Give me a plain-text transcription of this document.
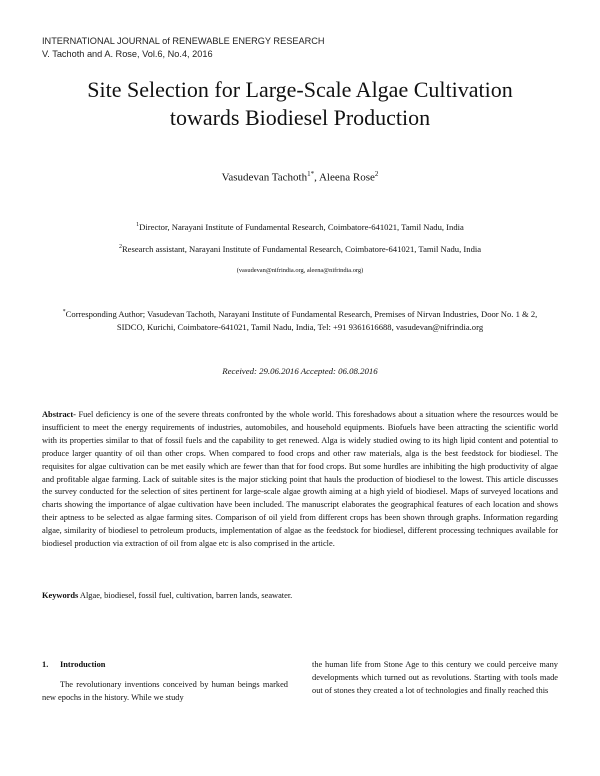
INTERNATIONAL JOURNAL of RENEWABLE ENERGY RESEARCH
V. Tachoth and A. Rose, Vol.6, No.4, 2016
Site Selection for Large-Scale Algae Cultivation
towards Biodiesel Production
Vasudevan Tachoth$^{1*}$, Aleena Rose$^2$
$^1$Director, Narayani Institute of Fundamental Research, Coimbatore-641021, Tamil Nadu, India
$^2$Research assistant, Narayani Institute of Fundamental Research, Coimbatore-641021, Tamil Nadu, India
(vasudevan@nifrindia.org, aleena@nifrindia.org)
*Corresponding Author; Vasudevan Tachoth, Narayani Institute of Fundamental Research, Premises of Nirvan Industries, Door No. 1 & 2, SIDCO, Kurichi, Coimbatore-641021, Tamil Nadu, India, Tel: +91 9361616688, vasudevan@nifrindia.org
Received: 29.06.2016 Accepted: 06.08.2016
Abstract- Fuel deficiency is one of the severe threats confronted by the whole world. This foreshadows about a situation where the resources would be insufficient to meet the energy requirements of industries, automobiles, and household equipments. Biofuels have been attracting the scientific world with its properties similar to that of fossil fuels and the capability to get renewed. Alga is widely studied owing to its high lipid content and potential to produce larger quantity of oil than other crops. When compared to food crops and other raw materials, alga is the best feedstock for biodiesel. The requisites for algae cultivation can be met easily which are fewer than that for food crops. But some hurdles are inhibiting the high productivity of algae and profitable algae farming. Lack of suitable sites is the major sticking point that hauls the production of biodiesel to the lowest. This article discusses the survey conducted for the selection of sites pertinent for large-scale algae growth aiming at a high yield of biodiesel. Maps of surveyed locations and charts showing the importance of algae cultivation have been included. The manuscript elaborates the geographical features of each location and shows their aptness to be selected as algae farming sites. Comparison of oil yield from different crops has been shown through graphs. Information regarding algae, similarity of biodiesel to petroleum products, implementation of algae as the feedstock for biodiesel, different processing techniques available for biodiesel production via extraction of oil from algae etc is also comprised in the article.
Keywords Algae, biodiesel, fossil fuel, cultivation, barren lands, seawater.
1. Introduction

The revolutionary inventions conceived by human beings marked new epochs in the history. While we study

the human life from Stone Age to this century we could perceive many developments which turned out as revolutions. Starting with tools made out of stones they created a lot of technologies and finally reached this
